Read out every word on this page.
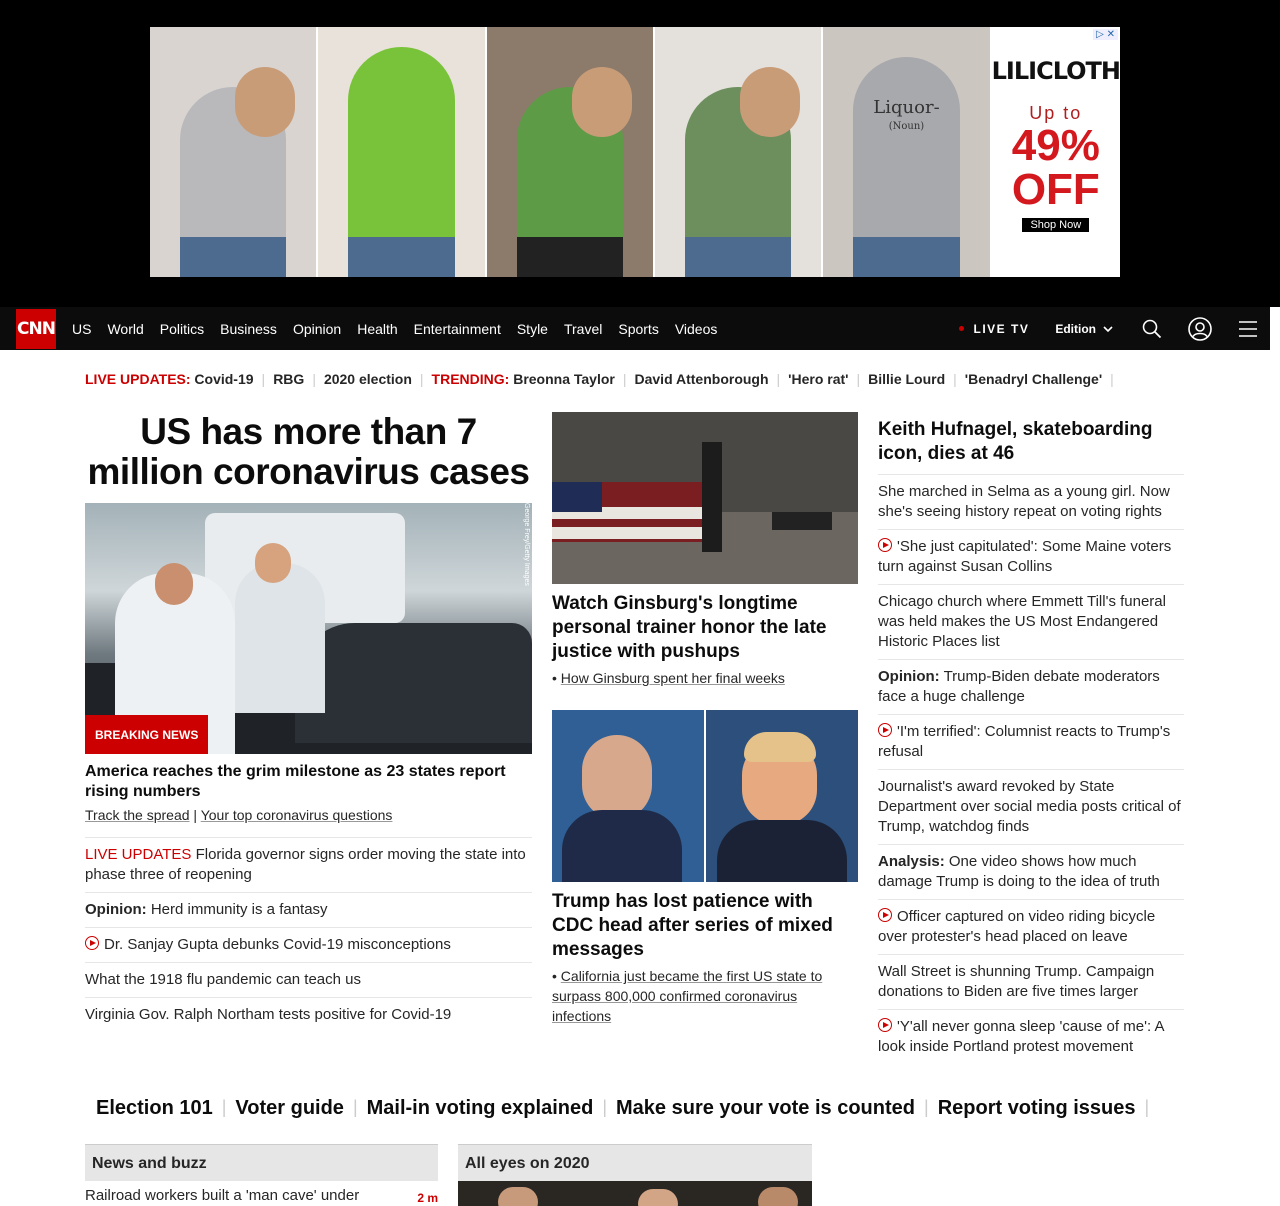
Liquor-
(Noun)
▷ ✕
LILICLOTH
Up to
49%
OFF
Shop Now
CNN US World Politics Business Opinion Health Entertainment Style Travel Sports Videos	LIVE TV Edition
LIVE UPDATES:
Covid-19 | RBG | 2020 election | TRENDING:
Breonna Taylor | David Attenborough | 'Hero rat' | Billie Lourd | 'Benadryl Challenge' |
US has more than 7 million coronavirus cases
George Frey/Getty Images
BREAKING NEWS
America reaches the grim milestone as 23 states report rising numbers
Track the spread | Your top coronavirus questions
LIVE UPDATES Florida governor signs order moving the state into phase three of reopening
Opinion: Herd immunity is a fantasy
Dr. Sanjay Gupta debunks Covid-19 misconceptions
What the 1918 flu pandemic can teach us
Virginia Gov. Ralph Northam tests positive for Covid-19
Watch Ginsburg's longtime personal trainer honor the late justice with pushups
• How Ginsburg spent her final weeks
Trump has lost patience with CDC head after series of mixed messages
• California just became the first US state to surpass 800,000 confirmed coronavirus infections
Keith Hufnagel, skateboarding icon, dies at 46
She marched in Selma as a young girl. Now she's seeing history repeat on voting rights
'She just capitulated': Some Maine voters turn against Susan Collins
Chicago church where Emmett Till's funeral was held makes the US Most Endangered Historic Places list
Opinion: Trump-Biden debate moderators face a huge challenge
'I'm terrified': Columnist reacts to Trump's refusal
Journalist's award revoked by State Department over social media posts critical of Trump, watchdog finds
Analysis: One video shows how much damage Trump is doing to the idea of truth
Officer captured on video riding bicycle over protester's head placed on leave
Wall Street is shunning Trump. Campaign donations to Biden are five times larger
'Y'all never gonna sleep 'cause of me': A look inside Portland protest movement
Election 101 | Voter guide | Mail-in voting explained | Make sure your vote is counted | Report voting issues |
News and buzz
Railroad workers built a 'man cave' under	2 m
All eyes on 2020
